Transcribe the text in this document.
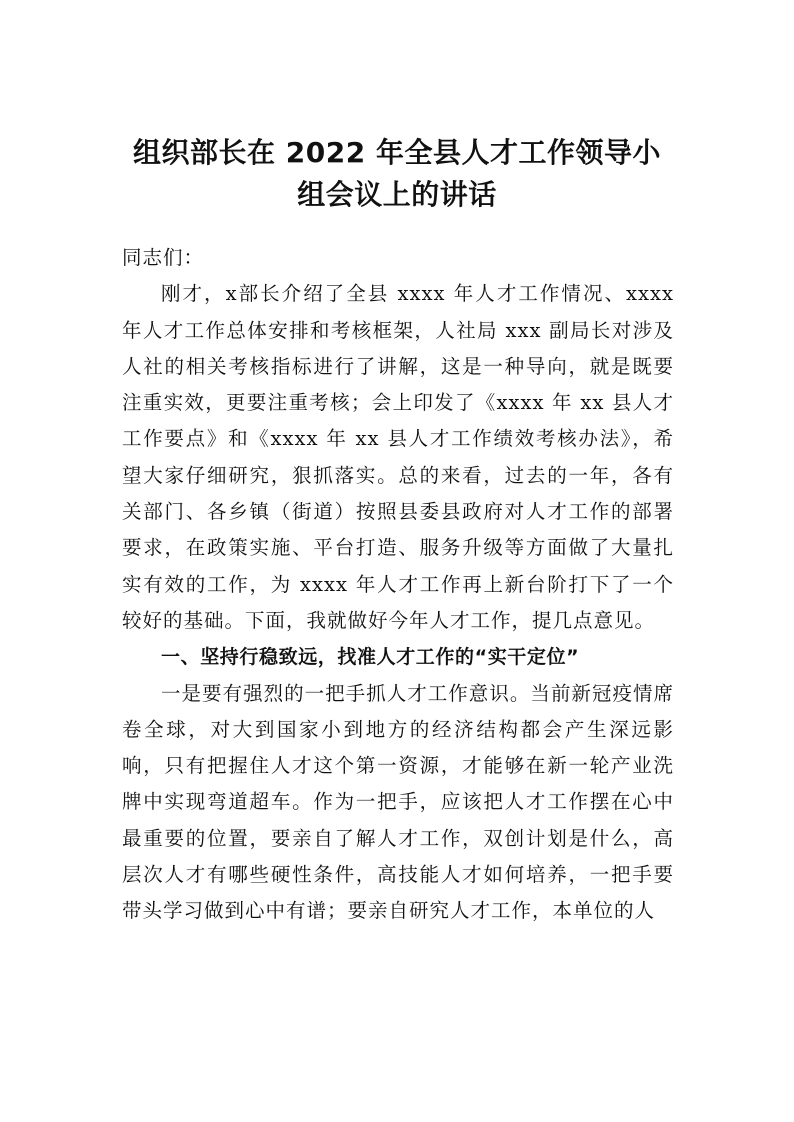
组织部长在 2022 年全县人才工作领导小
组会议上的讲话

同志们：

刚才，x部长介绍了全县 xxxx 年人才工作情况、xxxx 年人才工作总体安排和考核框架，人社局 xxx 副局长对涉及人社的相关考核指标进行了讲解，这是一种导向，就是既要注重实效，更要注重考核；会上印发了《xxxx 年 xx 县人才工作要点》和《xxxx 年 xx 县人才工作绩效考核办法》，希望大家仔细研究，狠抓落实。总的来看，过去的一年，各有关部门、各乡镇（街道）按照县委县政府对人才工作的部署要求，在政策实施、平台打造、服务升级等方面做了大量扎实有效的工作，为 xxxx 年人才工作再上新台阶打下了一个较好的基础。下面，我就做好今年人才工作，提几点意见。

一、坚持行稳致远，找准人才工作的“实干定位”

一是要有强烈的一把手抓人才工作意识。当前新冠疫情席卷全球，对大到国家小到地方的经济结构都会产生深远影响，只有把握住人才这个第一资源，才能够在新一轮产业洗牌中实现弯道超车。作为一把手，应该把人才工作摆在心中最重要的位置，要亲自了解人才工作，双创计划是什么，高层次人才有哪些硬性条件，高技能人才如何培养，一把手要带头学习做到心中有谱；要亲自研究人才工作，本单位的人
